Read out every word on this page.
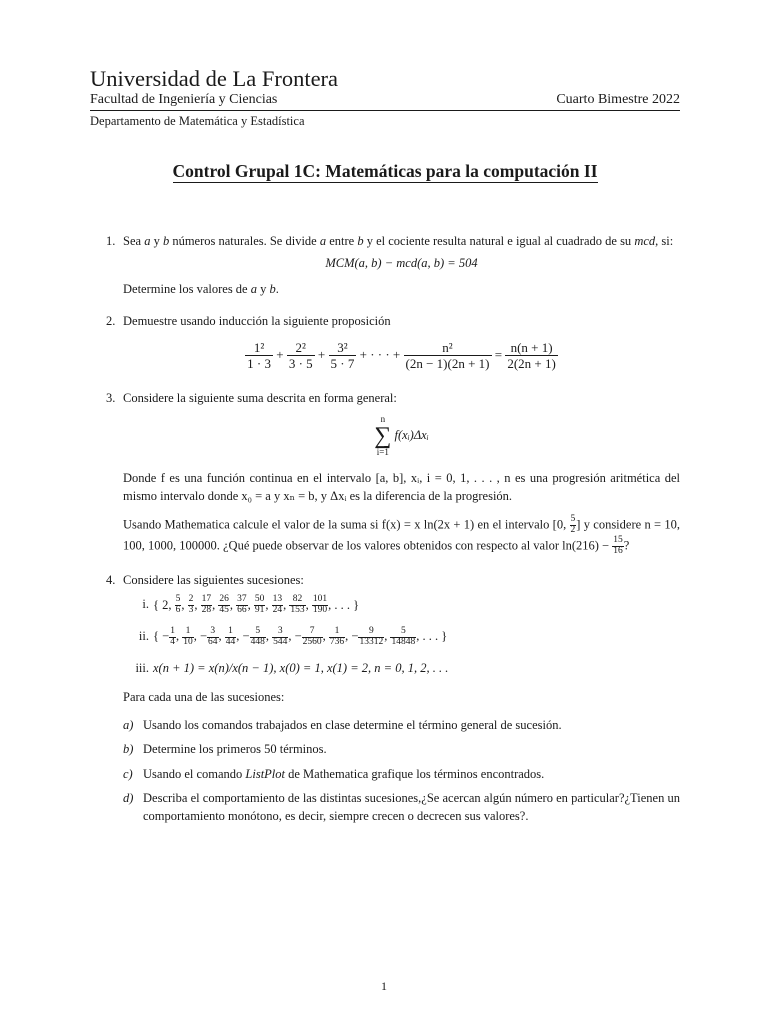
Universidad de La Frontera
Facultad de Ingeniería y Ciencias	Cuarto Bimestre 2022
Departamento de Matemática y Estadística
Control Grupal 1C: Matemáticas para la computación II
1. Sea a y b números naturales. Se divide a entre b y el cociente resulta natural e igual al cuadrado de su mcd, si:

MCM(a, b) − mcd(a, b) = 504

Determine los valores de a y b.

2. Demuestre usando inducción la siguiente proposición

$\frac{\text{1²}}{1 \cdot 3} + \frac{\text{2²}}{3 \cdot 5} + \frac{\text{3²}}{5 \cdot 7}$ + · · · + $\frac{\text{n²}}{(2n - 1)(2n + 1)} = \frac{n(n + 1)}{2(2n + 1)}$
3. Considere la siguiente suma descrita en forma general:

n
∑
i=1
f(xᵢ)Δxᵢ

Donde f es una función continua en el intervalo [a, b], xᵢ, i = 0, 1, . . . , n es una progresión aritmética del mismo intervalo donde x₀ = a y xₙ = b, y Δxᵢ es la diferencia de la progresión.

Usando Mathematica calcule el valor de la suma si f(x) = x ln(2x + 1) en el intervalo [0, $\frac{5}{2}$ ] y considere n = 10, 100, 1000, 100000. ¿Qué puede observar de los valores obtenidos con respecto al valor $\ln(216) - \frac{15}{16}$ ?

4. Considere las siguientes sucesiones:

i. { 2, $\frac{5}{6}$ , $\frac{2}{3}$ , $\frac{17}{28}$ , $\frac{26}{45}$ , $\frac{37}{66}$ , $\frac{50}{91}$ , $\frac{13}{24}$ , $\frac{82}{153}$ , $\frac{101}{190}$ , . . . }
ii. { − $\frac{1}{4}$ , $\frac{1}{10}$ , − $\frac{3}{64}$ , $\frac{1}{44}$ , − $\frac{5}{448}$ , $\frac{3}{544}$ , − $\frac{7}{2560}$ , $\frac{1}{736}$ , − $\frac{9}{13312}$ , $\frac{5}{14848}$ , . . . }
iii. x(n + 1) = x(n)/x(n − 1), x(0) = 1, x(1) = 2, n = 0, 1, 2, . . .

Para cada una de las sucesiones:

a) Usando los comandos trabajados en clase determine el término general de sucesión.
b) Determine los primeros 50 términos.
c) Usando el comando ListPlot de Mathematica grafique los términos encontrados.
d) Describa el comportamiento de las distintas sucesiones,¿Se acercan algún número en particular?¿Tienen un comportamiento monótono, es decir, siempre crecen o decrecen sus valores?.
1
